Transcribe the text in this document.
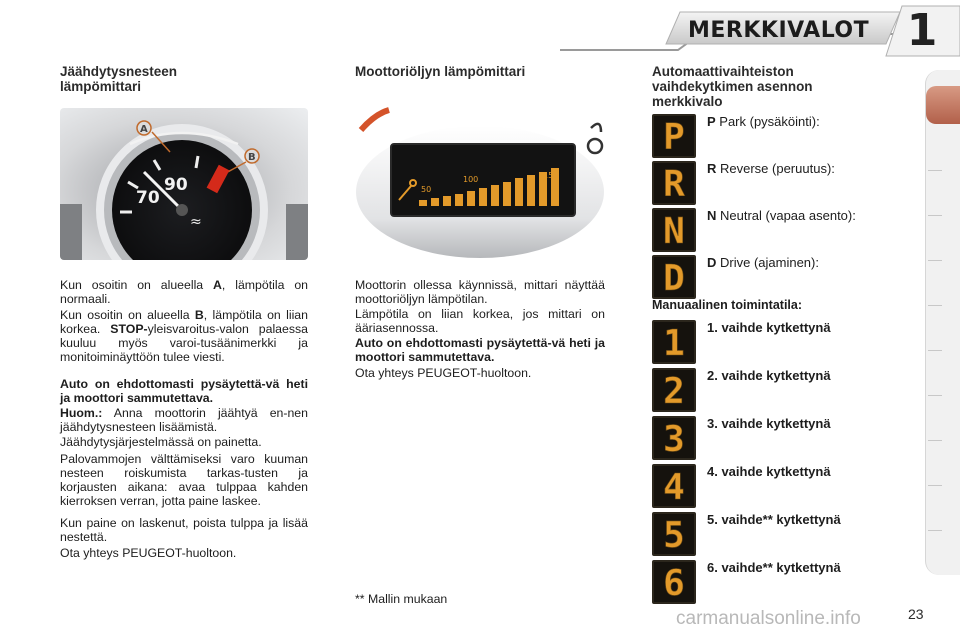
MERKKIVALOT 1
Jäähdytysnesteen
lämpömittari
≈
A
B
70
90
Kun osoitin on alueella A, lämpötila on normaali.
Kun osoitin on alueella B, lämpötila on liian korkea. STOP-yleisvaroitus-valon palaessa kuuluu myös varoi-tusäänimerkki ja monitoiminäyttöön tulee viesti.
Auto on ehdottomasti pysäytettä-vä heti ja moottori sammutettava.
Huom.: Anna moottorin jäähtyä en-nen jäähdytysnesteen lisäämistä.
Jäähdytysjärjestelmässä on painetta.
Palovammojen välttämiseksi varo kuuman nesteen roiskumista tarkas-tusten ja korjausten aikana: avaa tulppaa kahden kierroksen verran, jotta paine laskee.
Kun paine on laskenut, poista tulppa ja lisää nestettä.
Ota yhteys PEUGEOT-huoltoon.
Moottoriöljyn lämpömittari
50
100	150
Moottorin ollessa käynnissä, mittari näyttää moottoriöljyn lämpötilan.
Lämpötila on liian korkea, jos mittari on ääriasennossa.
Auto on ehdottomasti pysäytettä-vä heti ja moottori sammutettava.
Ota yhteys PEUGEOT-huoltoon.
** Mallin mukaan
Automaattivaihteiston
vaihdekytkimen asennon
merkkivalo
P P Park (pysäköinti):
R R Reverse (peruutus):
N N Neutral (vapaa asento):
D D Drive (ajaminen):
Manuaalinen toimintatila:
1 1. vaihde kytkettynä
2 2. vaihde kytkettynä
3 3. vaihde kytkettynä
4 4. vaihde kytkettynä
5 5. vaihde** kytkettynä
6 6. vaihde** kytkettynä
carmanualsonline.info	23
